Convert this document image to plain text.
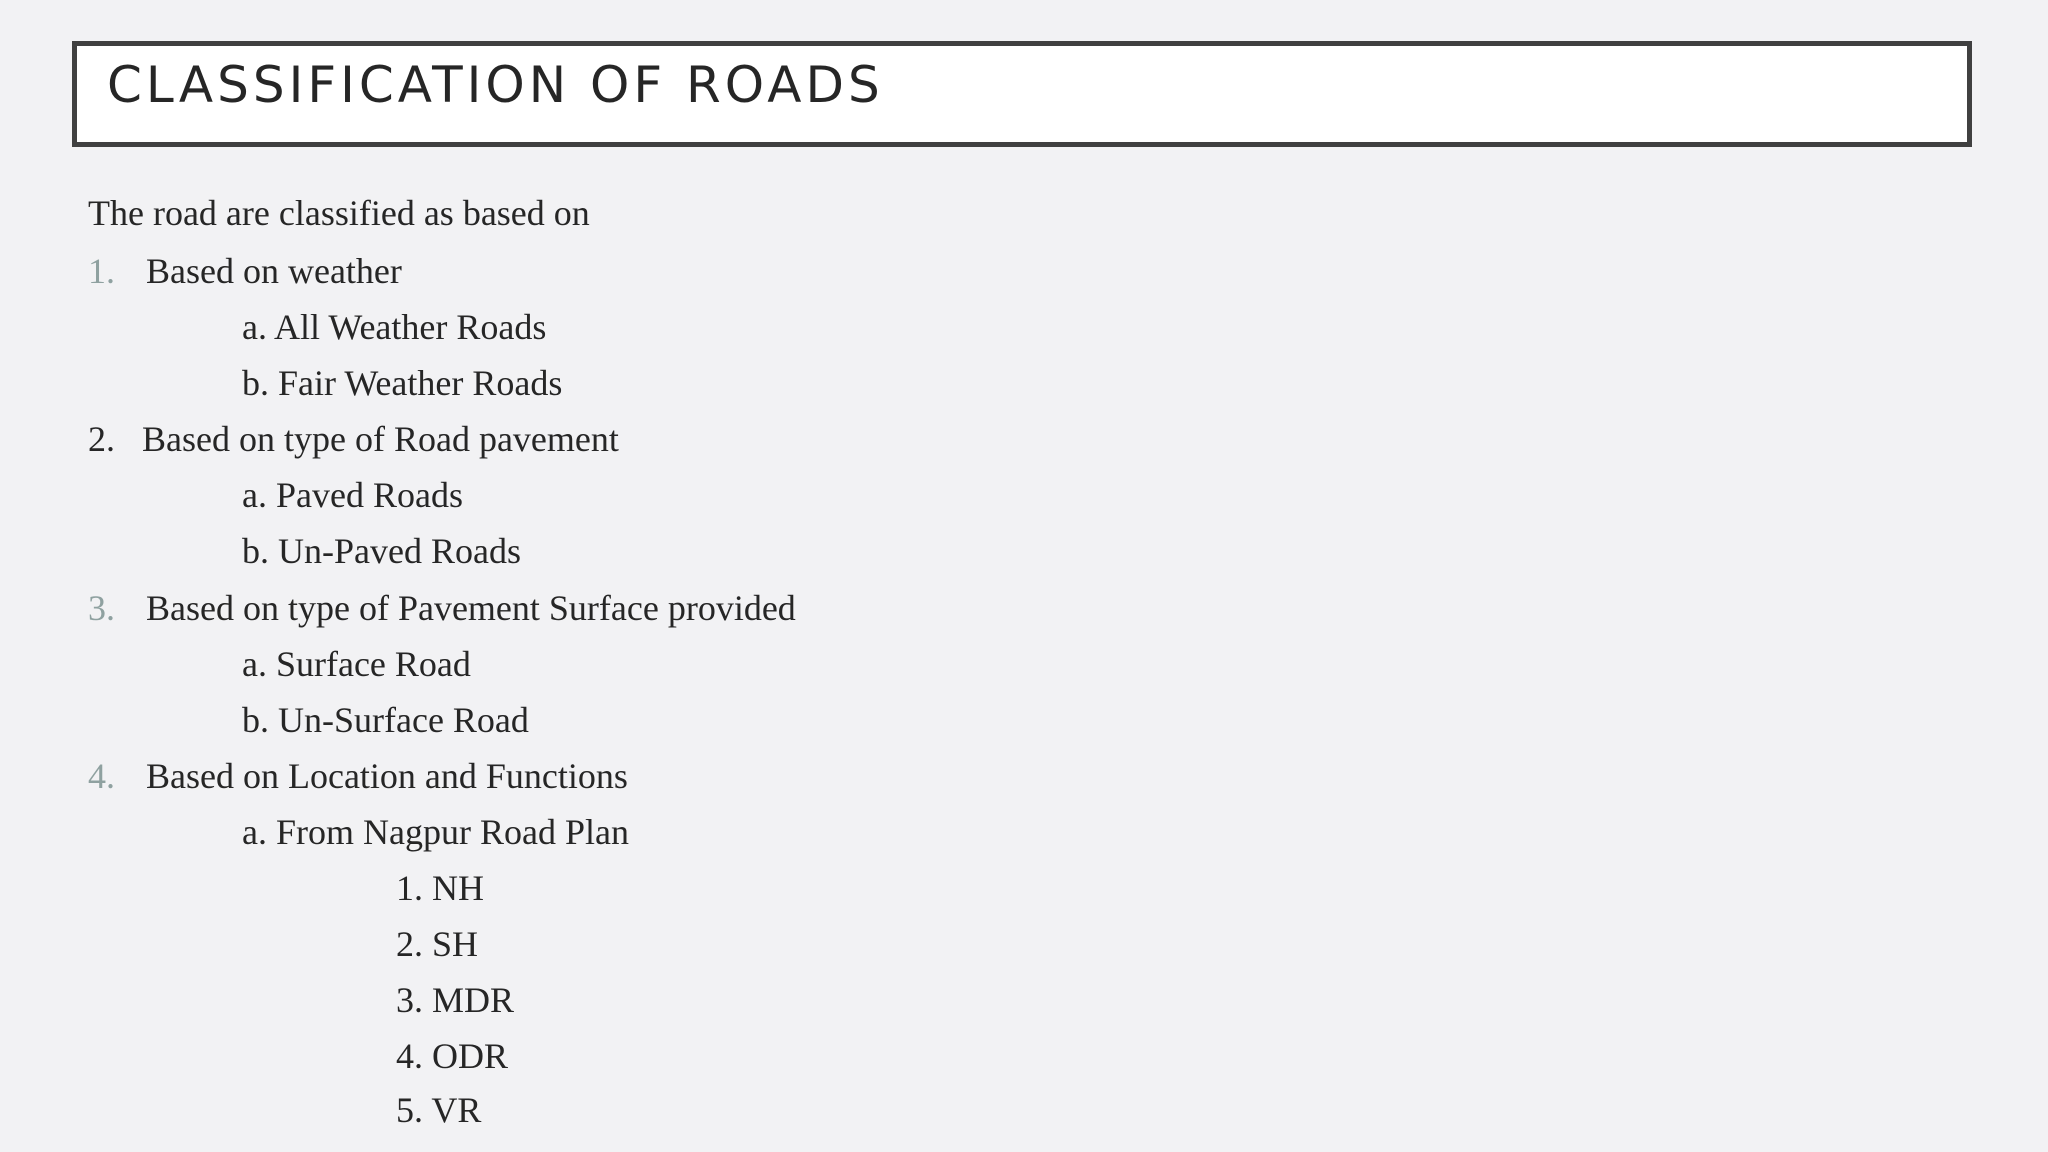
CLASSIFICATION OF ROADS
The road are classified as based on
1. Based on weather
a. All Weather Roads
b. Fair Weather Roads
2. Based on type of Road pavement
a. Paved Roads
b. Un-Paved Roads
3. Based on type of Pavement Surface provided
a. Surface Road
b. Un-Surface Road
4. Based on Location and Functions
a. From Nagpur Road Plan
1. NH
2. SH
3. MDR
4. ODR
5. VR
